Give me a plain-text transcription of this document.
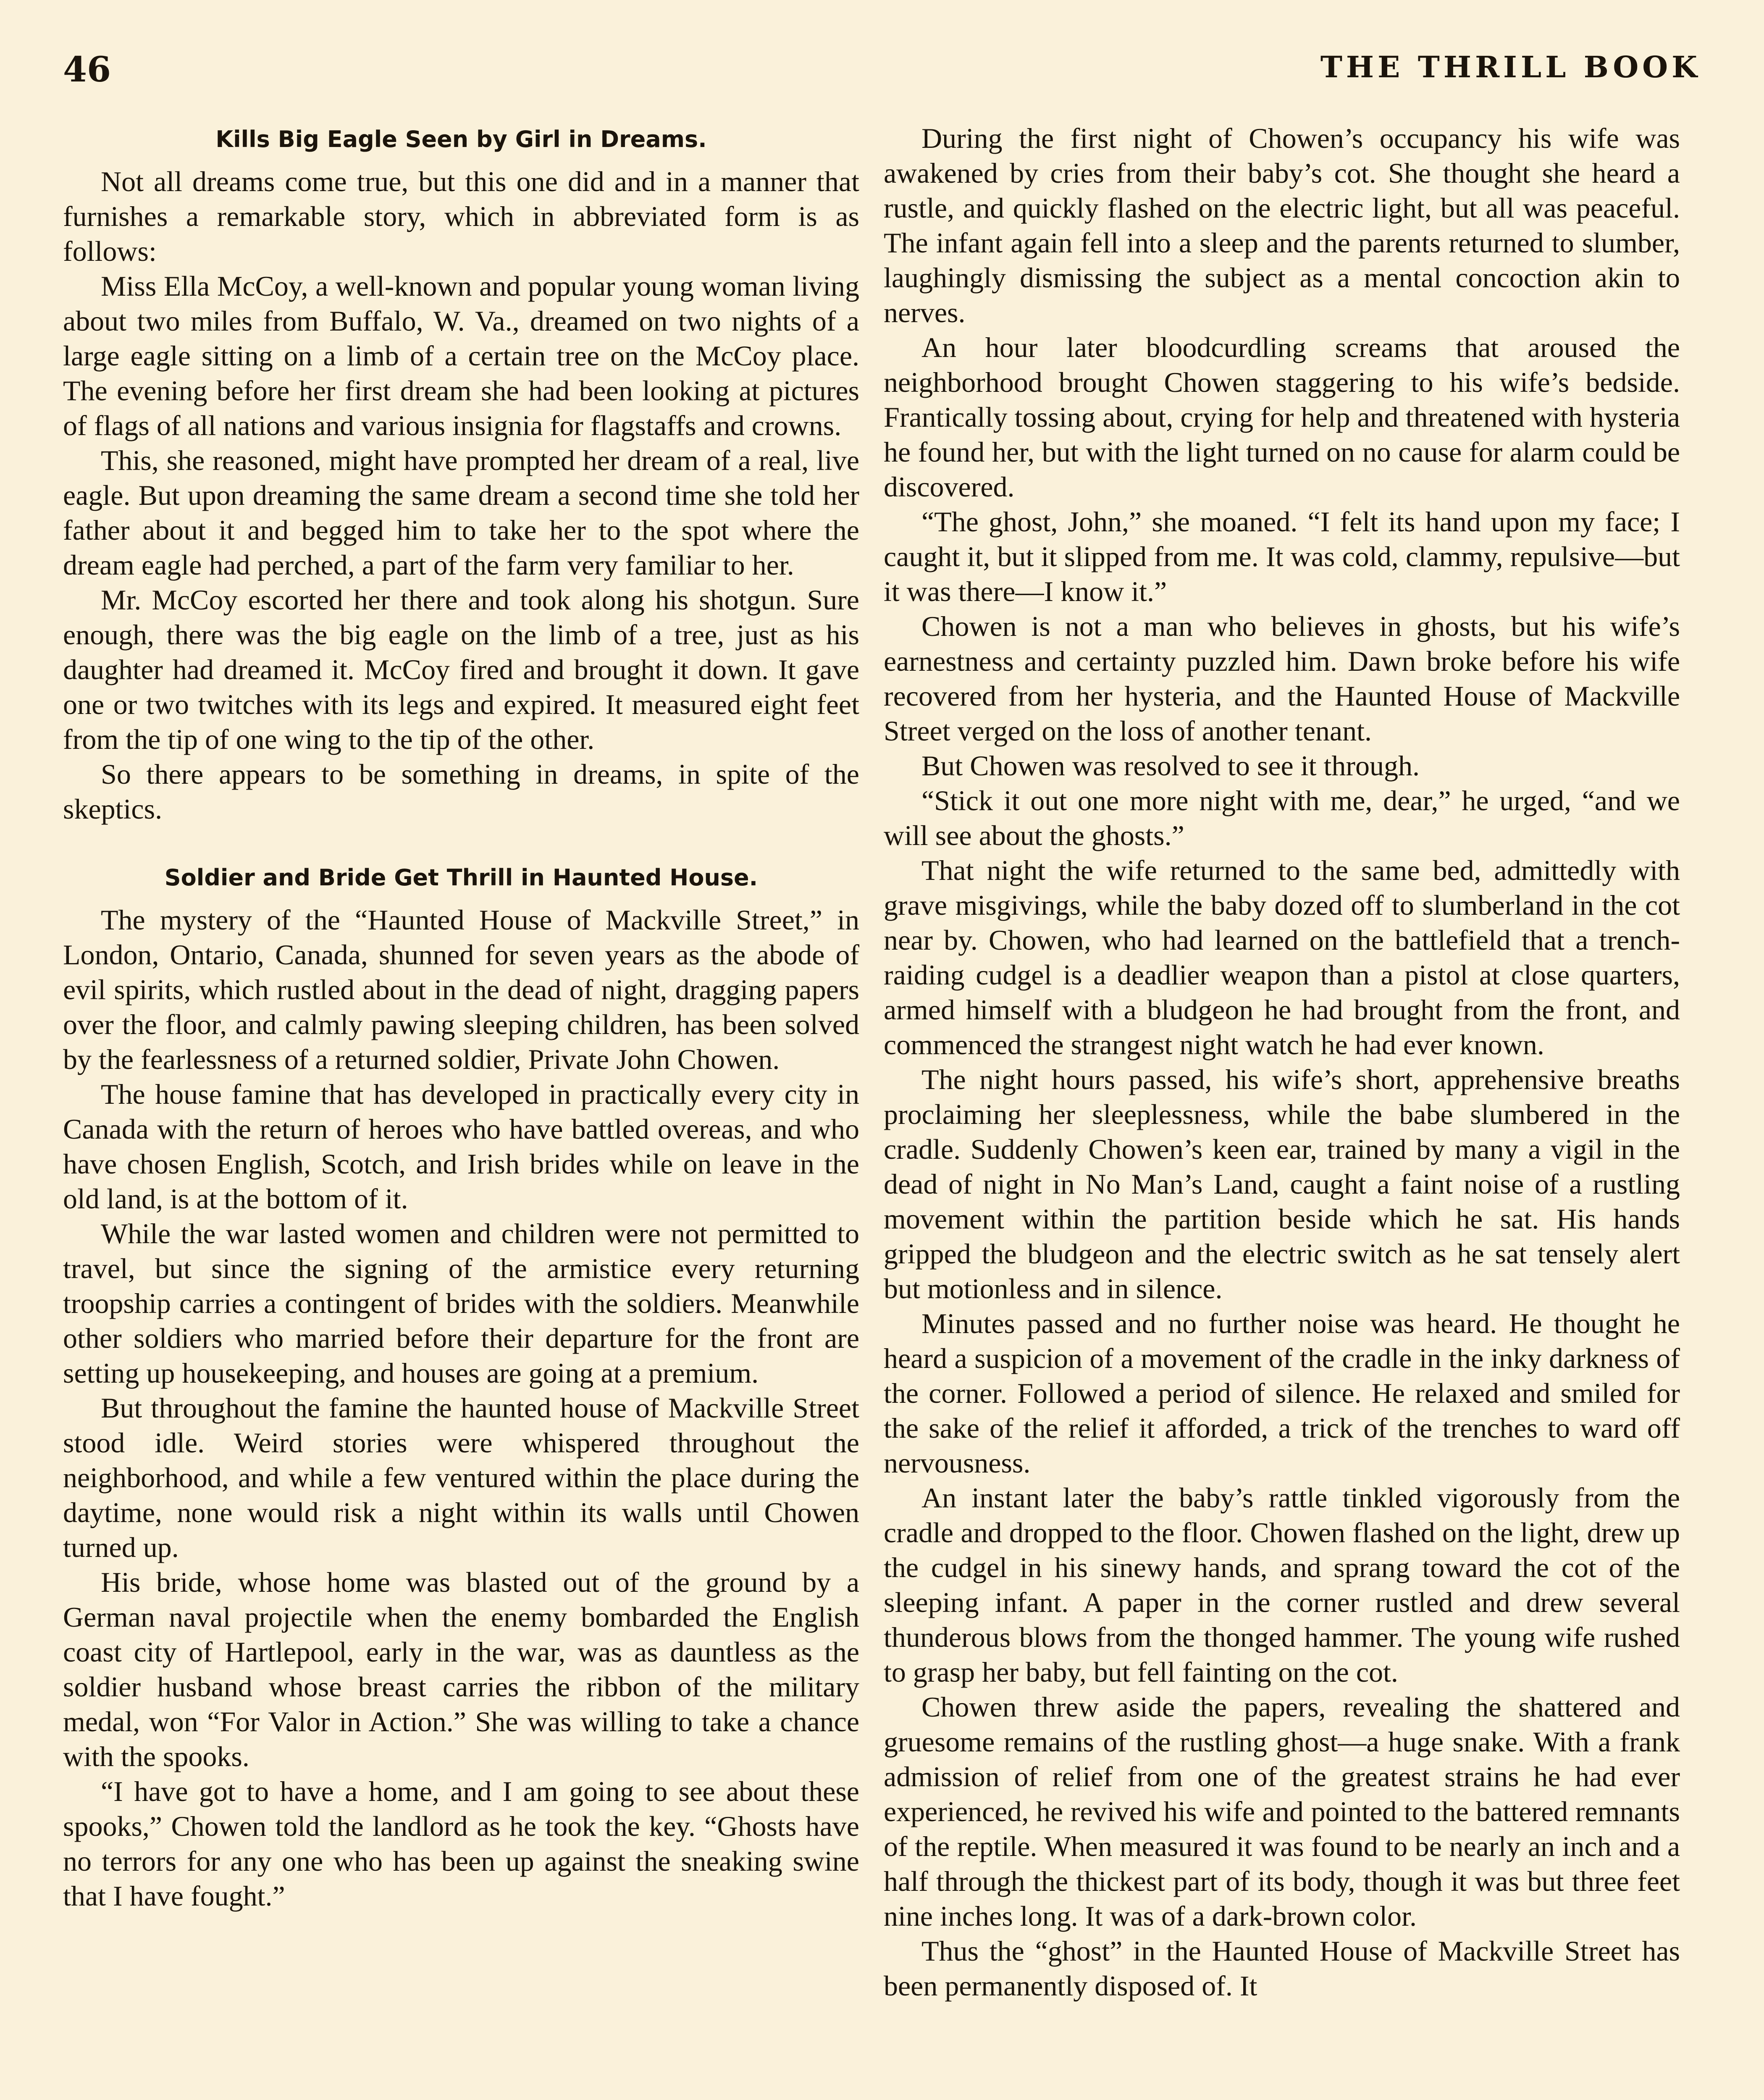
46	THE THRILL BOOK
Kills Big Eagle Seen by Girl in Dreams.

Not all dreams come true, but this one did and in a manner that furnishes a remarkable story, which in abbreviated form is as follows:

Miss Ella McCoy, a well-known and popular young woman living about two miles from Buffalo, W. Va., dreamed on two nights of a large eagle sitting on a limb of a certain tree on the McCoy place. The evening before her first dream she had been looking at pictures of flags of all nations and various insignia for flagstaffs and crowns.

This, she reasoned, might have prompted her dream of a real, live eagle. But upon dreaming the same dream a second time she told her father about it and begged him to take her to the spot where the dream eagle had perched, a part of the farm very familiar to her.

Mr. McCoy escorted her there and took along his shotgun. Sure enough, there was the big eagle on the limb of a tree, just as his daughter had dreamed it. McCoy fired and brought it down. It gave one or two twitches with its legs and expired. It measured eight feet from the tip of one wing to the tip of the other.

So there appears to be something in dreams, in spite of the skeptics.

Soldier and Bride Get Thrill in Haunted House.

The mystery of the “Haunted House of Mackville Street,” in London, Ontario, Canada, shunned for seven years as the abode of evil spirits, which rustled about in the dead of night, dragging papers over the floor, and calmly pawing sleeping children, has been solved by the fearlessness of a returned soldier, Private John Chowen.

The house famine that has developed in practically every city in Canada with the return of heroes who have battled overeas, and who have chosen English, Scotch, and Irish brides while on leave in the old land, is at the bottom of it.

While the war lasted women and children were not permitted to travel, but since the signing of the armistice every returning troopship carries a contingent of brides with the soldiers. Meanwhile other soldiers who married before their departure for the front are setting up housekeeping, and houses are going at a premium.

But throughout the famine the haunted house of Mackville Street stood idle. Weird stories were whispered throughout the neighborhood, and while a few ventured within the place during the daytime, none would risk a night within its walls until Chowen turned up.

His bride, whose home was blasted out of the ground by a German naval projectile when the enemy bombarded the English coast city of Hartlepool, early in the war, was as dauntless as the soldier husband whose breast carries the ribbon of the military medal, won “For Valor in Action.” She was willing to take a chance with the spooks.

“I have got to have a home, and I am going to see about these spooks,” Chowen told the landlord as he took the key. “Ghosts have no terrors for any one who has been up against the sneaking swine that I have fought.”

During the first night of Chowen’s occupancy his wife was awakened by cries from their baby’s cot. She thought she heard a rustle, and quickly flashed on the electric light, but all was peaceful. The infant again fell into a sleep and the parents returned to slumber, laughingly dismissing the subject as a mental concoction akin to nerves.

An hour later bloodcurdling screams that aroused the neighborhood brought Chowen staggering to his wife’s bedside. Frantically tossing about, crying for help and threatened with hysteria he found her, but with the light turned on no cause for alarm could be discovered.

“The ghost, John,” she moaned. “I felt its hand upon my face; I caught it, but it slipped from me. It was cold, clammy, repulsive—but it was there—I know it.”

Chowen is not a man who believes in ghosts, but his wife’s earnestness and certainty puzzled him. Dawn broke before his wife recovered from her hysteria, and the Haunted House of Mackville Street verged on the loss of another tenant.

But Chowen was resolved to see it through.

“Stick it out one more night with me, dear,” he urged, “and we will see about the ghosts.”

That night the wife returned to the same bed, admittedly with grave misgivings, while the baby dozed off to slumberland in the cot near by. Chowen, who had learned on the battlefield that a trench-raiding cudgel is a deadlier weapon than a pistol at close quarters, armed himself with a bludgeon he had brought from the front, and commenced the strangest night watch he had ever known.

The night hours passed, his wife’s short, apprehensive breaths proclaiming her sleeplessness, while the babe slumbered in the cradle. Suddenly Chowen’s keen ear, trained by many a vigil in the dead of night in No Man’s Land, caught a faint noise of a rustling movement within the partition beside which he sat. His hands gripped the bludgeon and the electric switch as he sat tensely alert but motionless and in silence.

Minutes passed and no further noise was heard. He thought he heard a suspicion of a movement of the cradle in the inky darkness of the corner. Followed a period of silence. He relaxed and smiled for the sake of the relief it afforded, a trick of the trenches to ward off nervousness.

An instant later the baby’s rattle tinkled vigorously from the cradle and dropped to the floor. Chowen flashed on the light, drew up the cudgel in his sinewy hands, and sprang toward the cot of the sleeping infant. A paper in the corner rustled and drew several thunderous blows from the thonged hammer. The young wife rushed to grasp her baby, but fell fainting on the cot.

Chowen threw aside the papers, revealing the shattered and gruesome remains of the rustling ghost—a huge snake. With a frank admission of relief from one of the greatest strains he had ever experienced, he revived his wife and pointed to the battered remnants of the reptile. When measured it was found to be nearly an inch and a half through the thickest part of its body, though it was but three feet nine inches long. It was of a dark-brown color.

Thus the “ghost” in the Haunted House of Mackville Street has been permanently disposed of. It
